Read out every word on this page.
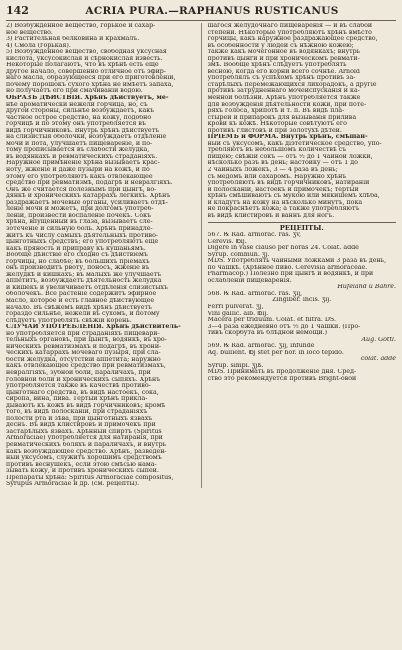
142	ACRIA PURA.—RAPHANUS RUSTICANUS
2) Возбужденное вещество, горькое и сахар-
ное вещество.
3) Растительная белковина и крахмалъ.
4) Смола (горькая).
5) Возбужденное вещество, свободная уксусная
кислота, уксусокислая и сѣрнокислая известь.
Некоторые полагаютъ, что въ хрѣнѣ есть еще
другое начало, совершенно отличное отъ эфир-
наго масла, образующееся при его приготовленіи,
почему порошокъ сухого хрѣна не имѣетъ запаха,
но получаетъ его при смачиваніи водою.
ОБРАЗЪ ДѢЙСТВІЯ. Хрѣнъ дѣйствуетъ, ме-
нѣе ароматически нежели горчица, но, съ
другой стороны, сильнѣе возбуждаетъ, какъ
частное острое средство, на кожу, подобно
горчицѣ и по этому онъ употребляется въ
видѣ горчичниковъ. Внутрь хрѣнъ дѣйствуетъ
на слизистыя оболочки, возбуждаетъ отдѣленіе
мочи и пота, улучшаетъ пищевареніе, и по-
тому прописывается въ слабости желудка,
въ водянкахъ и ревматическихъ страданіяхъ.
Наружное примѣненіе хрѣна вызываетъ крас-
ноту, жженіе и даже пузыри на кожѣ, и по
этому его употребляютъ какъ отвлекающее
средство при ревматизмѣ, подагрѣ и невралгіяхъ.
Онъ же считается полезнымъ при цынгѣ, во-
дянкѣ и хроническихъ катаррахъ легкихъ. Хрѣнъ
раздражаетъ мочевые органы, усиливаетъ отдѣ-
леніе мочи и можетъ, при долгомъ употреб-
леніи, произвести воспаленіе почекъ. Сокъ
хрѣна, впущенный въ глаза, вызываетъ сле-
зотеченіе и сильную боль. Хрѣнъ принадле-
житъ къ числу самыхъ дѣятельныхъ противо-
цынготныхъ средствъ; его употребляютъ еще
какъ пряность и приправу къ кушаньямъ.
Вообще дѣйствіе его сходно съ дѣйствіемъ
горчицы, но слабѣе; въ большихъ пріемахъ
онъ производитъ рвоту, поносъ, жженіе въ
желудкѣ и кишкахъ; въ малыхъ же улучшаетъ
аппетитъ, возбуждаетъ дѣятельность желудка
и кишекъ и увеличиваетъ отдѣленія слизистыхъ
оболочекъ. Все растеніе содержитъ эфирное
масло, которое и есть главное дѣйствующее
начало. Въ свѣжемъ видѣ хрѣнъ дѣйствуетъ
гораздо сильнѣе, нежели въ сухомъ, и потому
слѣдуетъ употреблять свѣжій корень.
СЛУЧАИ УПОТРЕБЛЕНІЯ. Хрѣнъ дѣйствитель-
но употребляется при страданіяхъ пищевари-
тельныхъ органовъ, при цынгѣ, водянкѣ, въ хро-
ническихъ ревматизмахъ и подагрѣ, въ хрони-
ческихъ катаррахъ мочеваго пузыря, при сла-
бости желудка, отсутствіи аппетита; наружно
какъ отвлекающее средство при ревматизмахъ,
невралгіяхъ, зубной боли, параличахъ, при
головной боли и хроническихъ сыпяхъ. Хрѣнъ
употребляется также въ качествѣ противо-
цынготнаго средства, въ видѣ настоекъ, сока,
сиропа, вина, пива. Тертый хрѣнъ прикла-
дываютъ къ кожѣ въ видѣ горчичниковъ; кромѣ
того, въ видѣ полосканій, при страданіяхъ
полости рта и зѣва, при цынготныхъ язвахъ
деснъ. Въ видѣ клистировъ и примочекъ при
застарѣлыхъ язвахъ. Хрѣнный спиртъ (Spiritus
Armoraciae) употребляется для натиранія, при
ревматическихъ боляхъ и параличахъ, и внутрь
какъ возбуждающее средство. Хрѣнъ, разведен-
ный уксусомъ, служитъ хорошимъ средствомъ
противъ веснушекъ, если этою смѣсью нама-
зывать кожу, и противъ хроническихъ сыпей.
Препараты хрѣна: Spiritus Armoraciae compositus,
Syrupus Armoraciae и др. (см. рецепты).
шагося желудочнаго пищеваренія — и въ слабой
степени. Нѣкоторые употребляютъ хрѣнъ вмѣсто
горчицы, какъ наружное раздражающее средство,
въ особенности у людей съ нѣжною кожею;
также какъ мочегонное въ водянкахъ; внутрь
противъ цынги и при хроническомъ ревмати-
змѣ. Вообще хрѣнъ слѣдуетъ употреблять
весною, когда его корни всего сочнѣе. Arnold
употреблялъ съ успѣхомъ хрѣнъ противъ за-
старѣлыхъ перемежающихся лихорадокъ, а другіе
противъ затрудненнаго мочеиспусканія и ка-
менной болѣзни. Хрѣнъ употребляется также
для возбужденія дѣятельности кожи, при поте-
ряхъ голоса, хрипотѣ и т. п. Въ видѣ пла-
стырей и припарокъ для вызыванія прилива
крови къ кожѣ. Нѣкоторые совѣтуютъ его
противъ глистовъ и при золотухѣ дѣтей.
ПРІЕМЪ и ФОРМА. Внутрь хрѣнъ, смѣшан-
ный съ уксусомъ, какъ діэтетическое средство, упо-
требляютъ въ небольшомъ количествѣ съ
пищею; свѣжій сокъ — отъ ½ до 1 чайной ложки,
нѣсколько разъ въ день; настойку — отъ 1 до
2 чайныхъ ложекъ, 3 — 4 раза въ день;
съ медомъ или сахаромъ. Наружно хрѣнъ
употребляютъ въ видѣ горчичниковъ, натираній
и полосканій, настоекъ и примочекъ; тертый
хрѣнъ смѣшиваютъ съ мукою или мякишемъ хлѣба,
и кладутъ на кожу на нѣсколько минутъ, пока
не покраснѣетъ кожа; а также употребляютъ
въ видѣ клистировъ и ваннъ для ногъ.
РЕЦЕПТЫ.
567. ℞ Rad. armorac. ras. ʒv,
Cerevis. ℔ij.
Digere in vase clauso per horas 24. Colat. adde
Syrup. commun. ʒj.
MDS. Употреблять чайными ложками 3 раза въ день,
по чашкѣ. (Хрѣнное пиво. Cerevisia armoraceae.
Pharmacop.) Полезно при цынгѣ и водянкѣ, и при
ослабленіи пищеваренія.
Hufeland и Bahre.
568. ℞ Rad. armorac. ras. ʒij,
Zingiber. incis. ʒij.
Ferri pulverat. ʒj,
Vini gallic. alb. ℔ij.
Macera per triduum. Colat. et filtra. DS.
3—4 раза ежедневно отъ ½ до 1 чашки. (Про-
тивъ скорбута въ блѣдной немощи.)
Aug. Gottl.
569. ℞ Rad. armorac. ʒij, infunde
Aq. bullient. ℔j stet per hor. in loco tepido.
colat. adde
Syrup. simpl. ʒjß.
MDS. Принимать въ продолженіе дня. Сред-
ство это рекомендуется противъ Bright-овой
